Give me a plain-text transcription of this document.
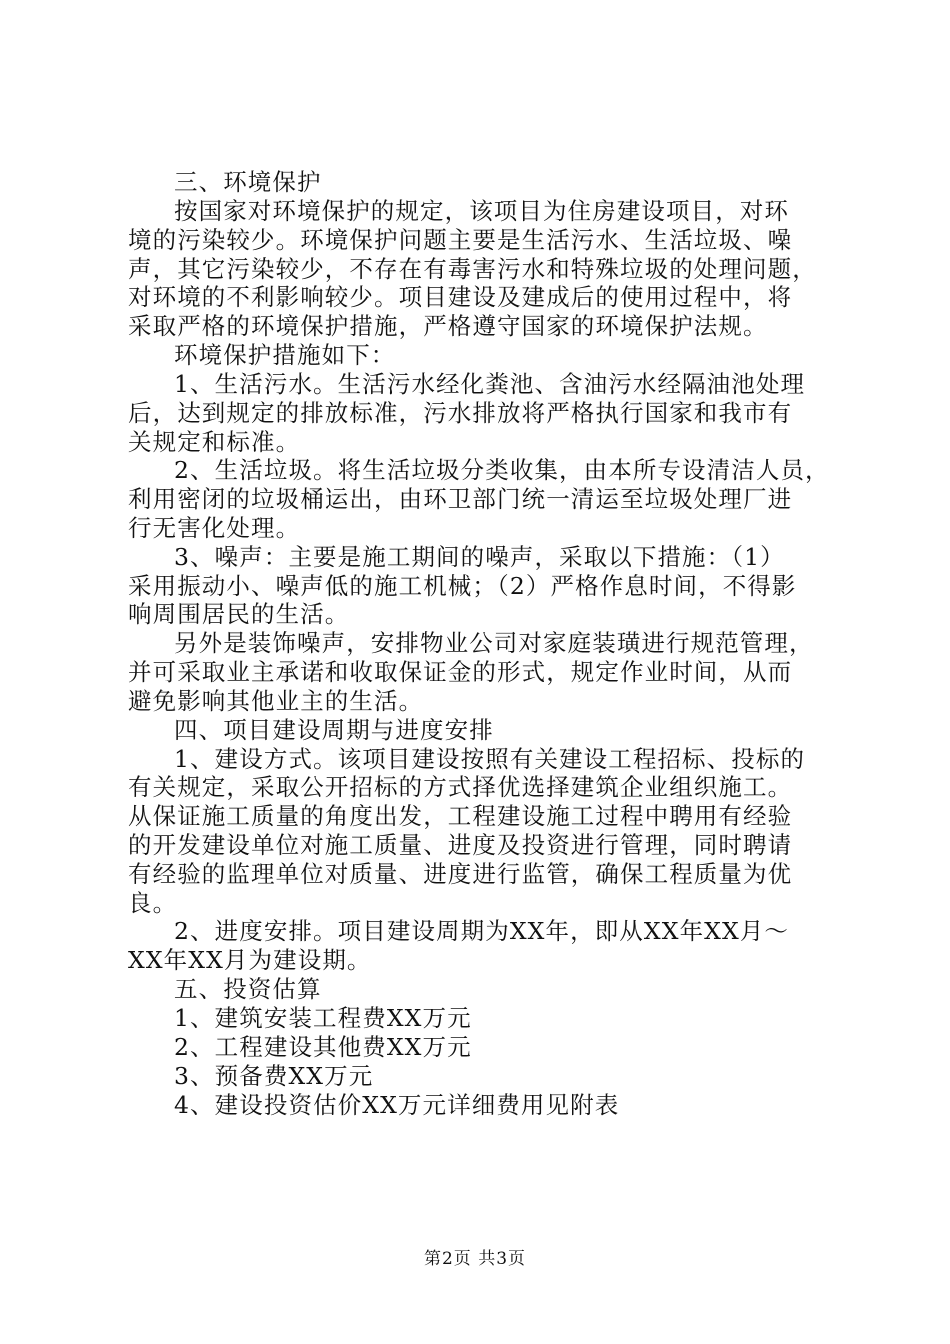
三、环境保护

按国家对环境保护的规定，该项目为住房建设项目，对环
境的污染较少。环境保护问题主要是生活污水、生活垃圾、噪
声，其它污染较少，不存在有毒害污水和特殊垃圾的处理问题，
对环境的不利影响较少。项目建设及建成后的使用过程中，将
采取严格的环境保护措施，严格遵守国家的环境保护法规。

环境保护措施如下：

1、生活污水。生活污水经化粪池、含油污水经隔油池处理
后，达到规定的排放标准，污水排放将严格执行国家和我市有
关规定和标准。

2、生活垃圾。将生活垃圾分类收集，由本所专设清洁人员，
利用密闭的垃圾桶运出，由环卫部门统一清运至垃圾处理厂进
行无害化处理。

3、噪声：主要是施工期间的噪声，采取以下措施：（1）
采用振动小、噪声低的施工机械；（2）严格作息时间，不得影
响周围居民的生活。

另外是装饰噪声，安排物业公司对家庭装璜进行规范管理，
并可采取业主承诺和收取保证金的形式，规定作业时间，从而
避免影响其他业主的生活。

四、项目建设周期与进度安排

1、建设方式。该项目建设按照有关建设工程招标、投标的
有关规定，采取公开招标的方式择优选择建筑企业组织施工。
从保证施工质量的角度出发，工程建设施工过程中聘用有经验
的开发建设单位对施工质量、进度及投资进行管理，同时聘请
有经验的监理单位对质量、进度进行监管，确保工程质量为优
良。

2、进度安排。项目建设周期为XX年，即从XX年XX月～
XX年XX月为建设期。

五、投资估算

1、建筑安装工程费XX万元

2、工程建设其他费XX万元

3、预备费XX万元

4、建设投资估价XX万元详细费用见附表

第2页 共3页
